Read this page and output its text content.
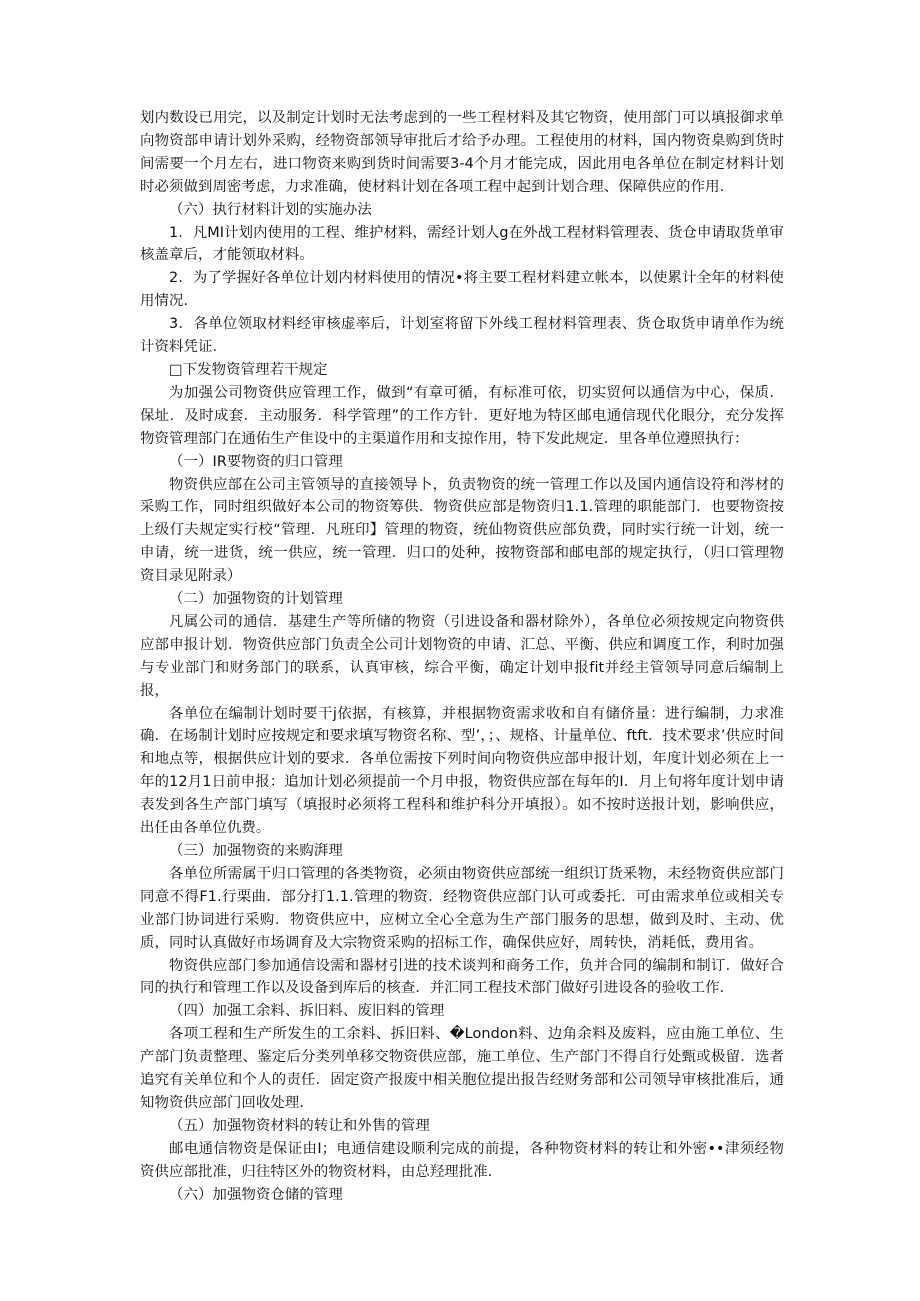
划内数设已用完，以及制定计划时无法考虑到的一些工程材料及其它物资，使用部门可以填报御求单向物资部申请计划外采购，经物资部领导审批后才给予办理。工程使用的材料，国内物资臬购到货时间需要一个月左右，进口物资来购到货时间需要3-4个月才能完成，因此用电各单位在制定材料计划时必须做到周密考虑，力求准确，使材料计划在各项工程中起到计划合理、保障供应的作用.

（六）执行材料计划的实施办法

1．凡MI计划内使用的工程、维护材料，需经计划人g在外战工程材料管理表、货仓申请取货单审核盖章后，才能领取材料。

2．为了学握好各单位计划内材料使用的情况•将主要工程材料建立帐本，以使累计全年的材料使用情况.

3．各单位领取材料经审核虚率后，计划室将留下外线工程材料管理表、货仓取货申请单作为统计资料凭证.

□下发物资管理若干规定

为加强公司物资供应管理工作，做到“有章可循，有标准可依，切实贸何以通信为中心，保质．保址．及时成套．主动服务．科学管理”的工作方针．更好地为特区邮电通信现代化眼分，充分发挥物资管理部门在通佑生产隹设中的主渠道作用和支掠作用，特下发此规定．里各单位遵照执行：

（一）IR要物资的归口管理

物资供应部在公司主管领导的直接领导卜，负责物资的统一管理工作以及国内通信设符和涔材的采购工作，同时组织做好本公司的物资筹供．物资供应部是物资归1.1.管理的职能部门．也要物资按上级仃夫规定实行校“管理．凡班印】管理的物资，统仙物资供应部负费，同时实行统一计划，统一申请，统一进货，统一供应，统一管理．归口的处种，按物资部和邮电部的规定执行，（归口管理物资目录见附录）

（二）加强物资的计划管理

凡属公司的通信．基建生产等所储的物资（引进设备和器材除外），各单位必须按规定向物资供应部申报计划．物资供应部门负责全公司计划物资的申请、汇总、平衡、供应和调度工作，利时加强与专业部门和财务部门的联系，认真审核，综合平衡，确定计划申报fit并经主管领导同意后编制上报，

各单位在编制计划时要干j依据，有核算，并根据物资需求收和自有储侪量：进行编制，力求准确．在场制计划时应按规定和要求填写物资名称、型’，；、规格、计量单位、ftft．技术要求’供应时间和地点等，根据供应计划的要求．各单位需按下列时间向物资供应部申报计划，年度计划必须在上一年的12月1日前申报：追加计划必须提前一个月申报，物资供应部在每年的I．月上旬将年度计划申请表发到各生产部门填写（填报时必须将工程科和维护科分开填报）。如不按时送报计划，影响供应，出任由各单位仇费。

（三）加强物资的来购湃理

各单位所需属干归口管理的各类物资，必须由物资供应部统一组织订货釆物，未经物资供应部门同意不得F1.行栗曲．部分打1.1.管理的物资．经物资供应部门认可或委托．可由需求单位或相关专业部门协词进行采购．物资供应中，应树立全心全意为生产部门服务的思想，做到及时、主动、优质，同时认真做好市场调育及大宗物资采购的招标工作，确保供应好，周转快，消耗低，费用省。

物资供应部门参加通信设需和器材引进的技术谈判和商务工作，负并合同的编制和制订．做好合同的执行和管理工作以及设备到库后的核查．并汇同工程技术部门做好引进设各的验收工作．

（四）加强工余料、拆旧料、废旧料的管理

各项工程和生产所发生的工余料、拆旧料、�London料、边角余料及废料，应由施工单位、生产部门负责整理、鉴定后分类列单移交物资供应部，施工单位、生产部门不得自行处甄或极留．选者追究有关单位和个人的责任．固定资产报废中相关胞位提出报告经财务部和公司领导审核批准后，通知物资供应部门回收处理．

（五）加强物资材料的转让和外售的管理

邮电通信物资是保证由I；电通信建设顺利完成的前提，各种物资材料的转让和外密••津须经物资供应部批准，归往特区外的物资材料，由总羟理批准．

（六）加强物资仓储的管理
